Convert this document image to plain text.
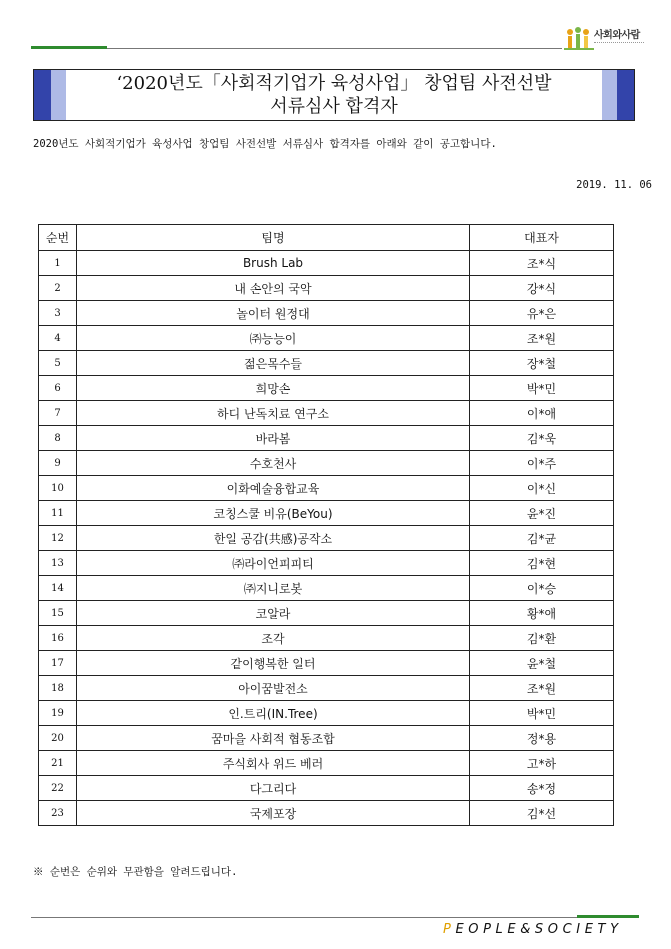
사회와사람
‘2020년도「사회적기업가 육성사업」 창업팀 사전선발
서류심사 합격자
2020년도 사회적기업가 육성사업 창업팀 사전선발 서류심사 합격자를 아래와 같이 공고합니다.
2019. 11. 06
순번	팀명	대표자
1	Brush Lab	조*식
2	내 손안의 국악	강*식
3	놀이터 원정대	유*은
4	㈜능능이	조*원
5	젊은목수들	장*철
6	희망손	박*민
7	하디 난독치료 연구소	이*애
8	바라봄	김*욱
9	수호천사	이*주
10	이화예술융합교육	이*신
11	코칭스쿨 비유(BeYou)	윤*진
12	한일 공감(共感)공작소	김*균
13	㈜라이언피피티	김*현
14	㈜지니로봇	이*승
15	코알라	황*애
16	조각	김*환
17	같이행복한 일터	윤*철
18	아이꿈발전소	조*원
19	인.트리(IN.Tree)	박*민
20	꿈마을 사회적 협동조합	정*용
21	주식회사 위드 베러	고*하
22	다그리다	송*정
23	국제포장	김*선
※ 순번은 순위와 무관함을 알려드립니다.
PEOPLE&SOCIETY
